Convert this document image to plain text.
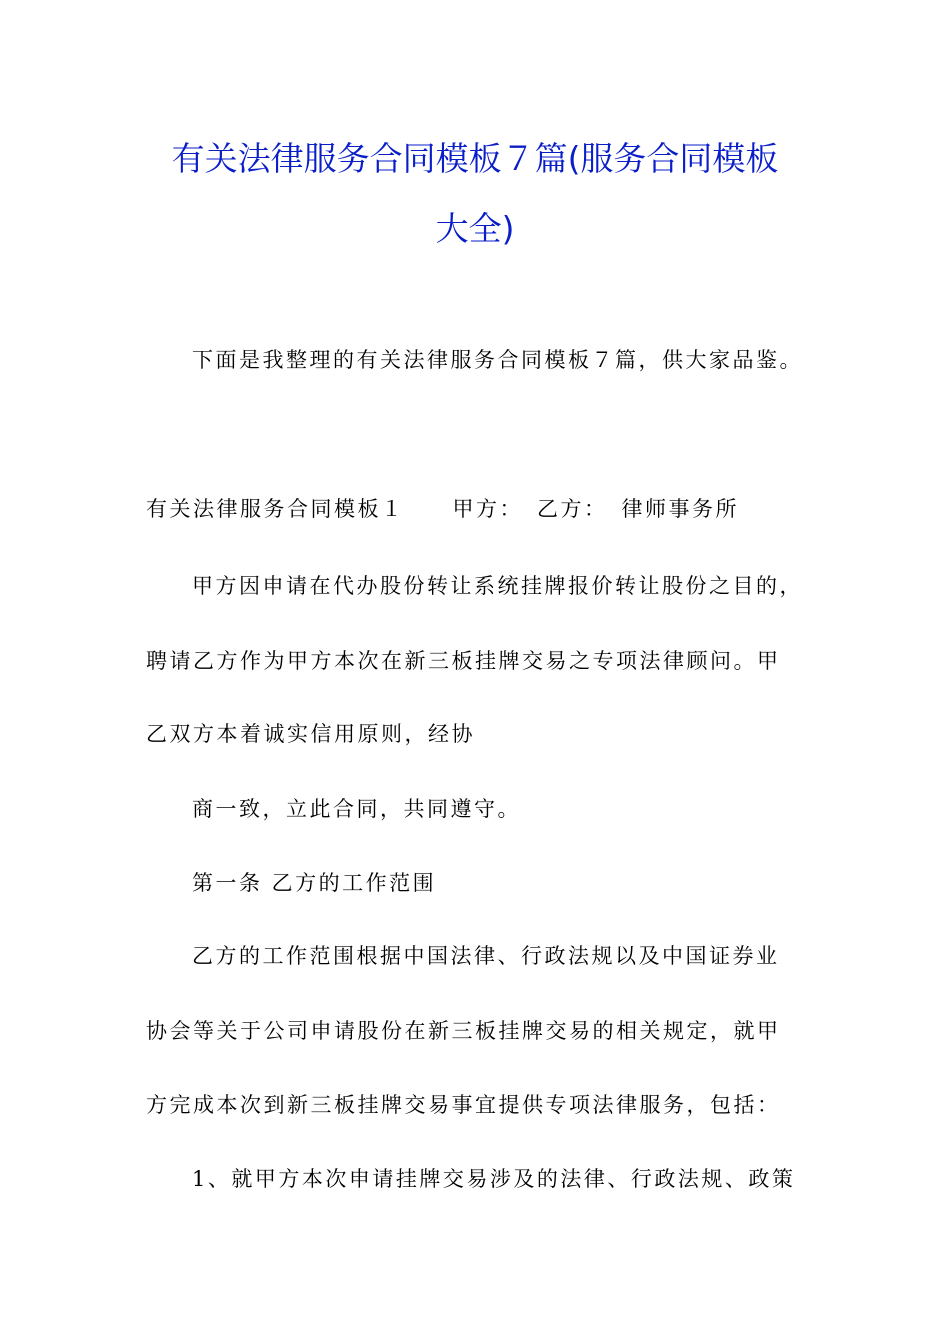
有关法律服务合同模板７篇(服务合同模板
大全)
下面是我整理的有关法律服务合同模板７篇，供大家品鉴。
有关法律服务合同模板１ 甲方： 乙方： 律师事务所
甲方因申请在代办股份转让系统挂牌报价转让股份之目的，
聘请乙方作为甲方本次在新三板挂牌交易之专项法律顾问。甲
乙双方本着诚实信用原则，经协
商一致，立此合同，共同遵守。
第一条 乙方的工作范围
乙方的工作范围根据中国法律、行政法规以及中国证券业
协会等关于公司申请股份在新三板挂牌交易的相关规定，就甲
方完成本次到新三板挂牌交易事宜提供专项法律服务，包括：
1、就甲方本次申请挂牌交易涉及的法律、行政法规、政策
